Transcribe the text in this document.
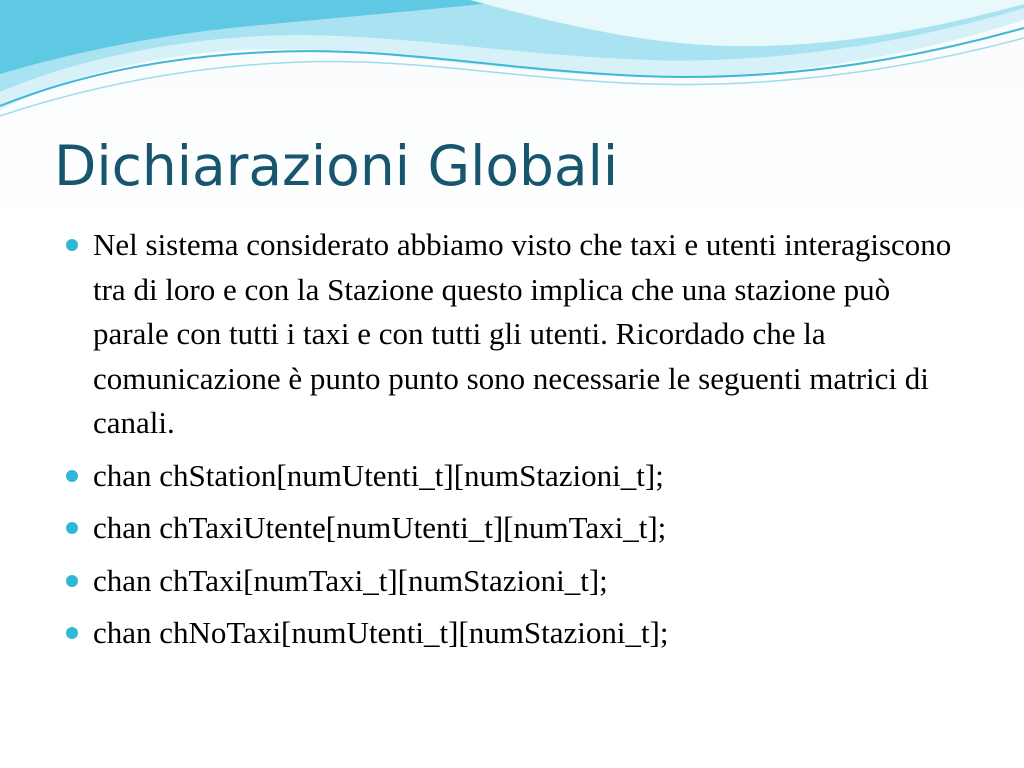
Dichiarazioni Globali
Nel sistema considerato abbiamo visto che taxi e utenti interagiscono tra di loro e con la Stazione questo implica che una stazione può parale con tutti i taxi e con tutti gli utenti. Ricordado che la comunicazione è punto punto sono necessarie le seguenti matrici di canali.
chan chStation[numUtenti_t][numStazioni_t];
chan chTaxiUtente[numUtenti_t][numTaxi_t];
chan chTaxi[numTaxi_t][numStazioni_t];
chan chNoTaxi[numUtenti_t][numStazioni_t];
